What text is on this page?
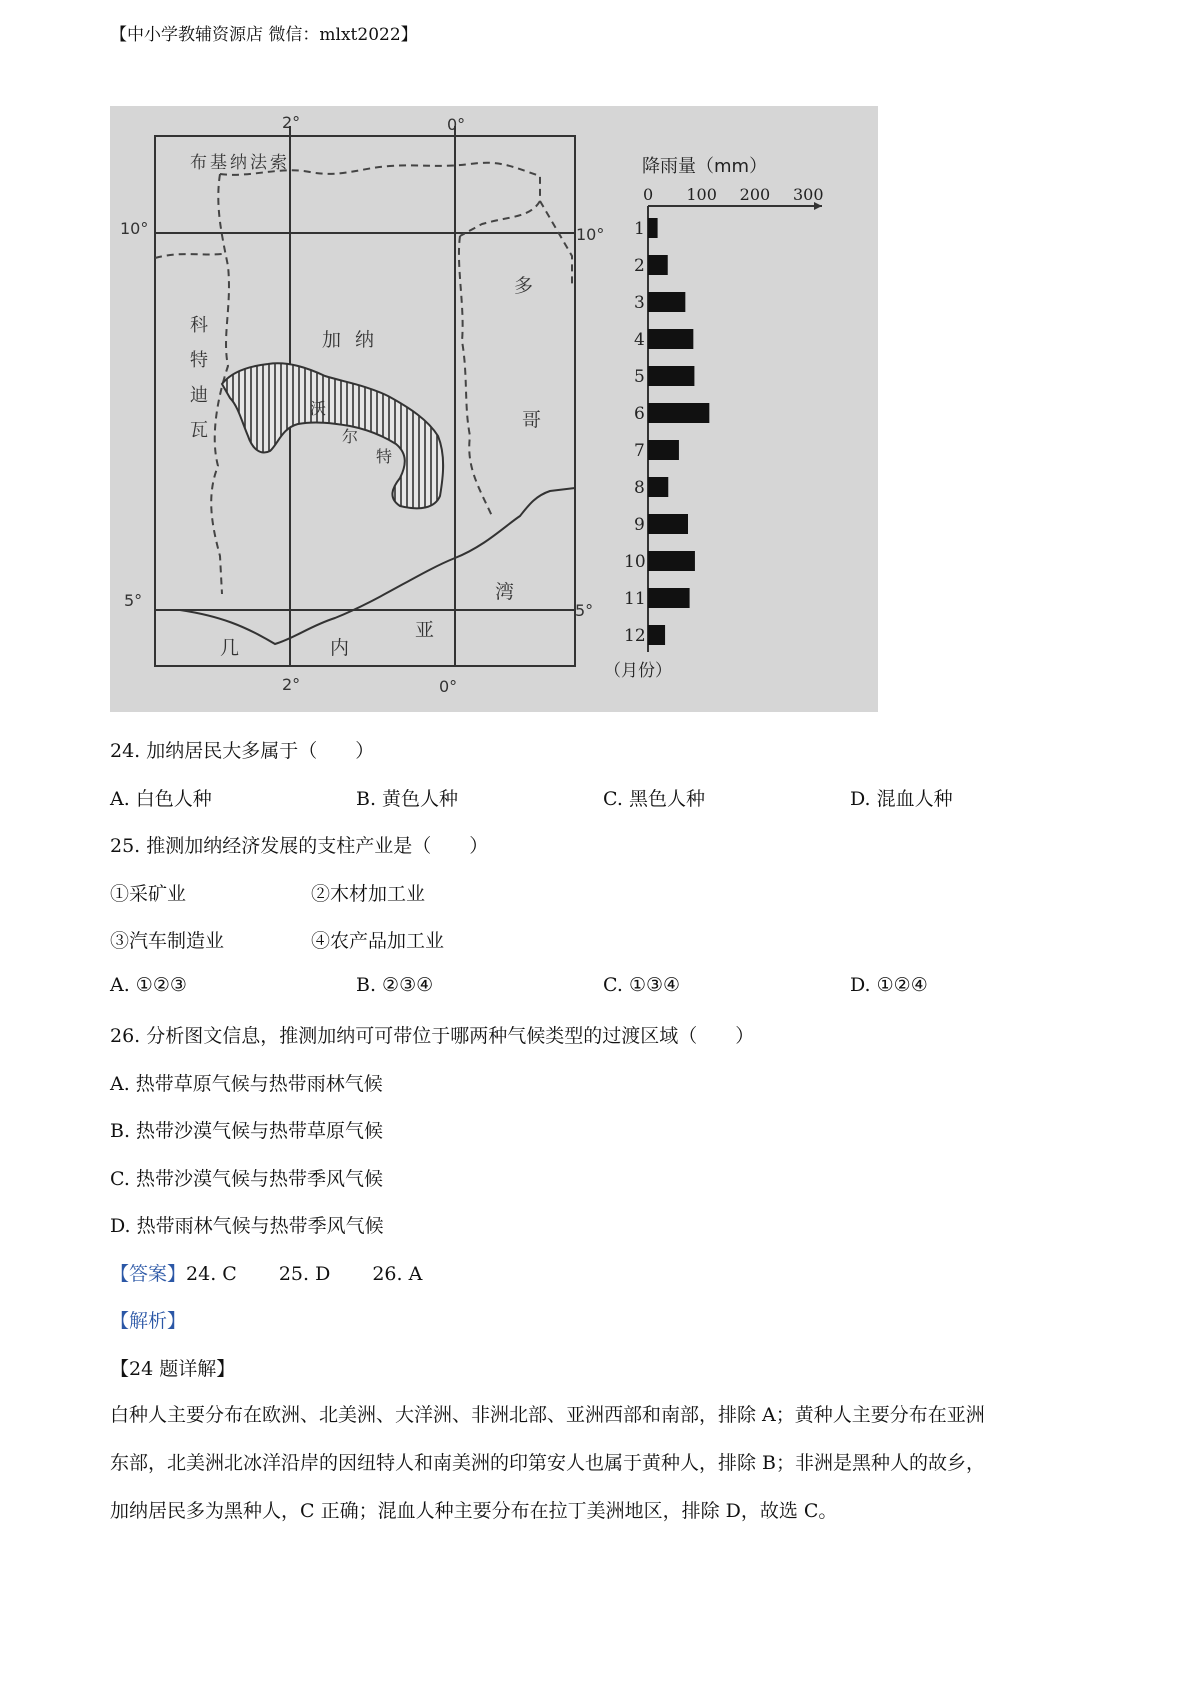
【中小学教辅资源店 微信：mlxt2022】
2°	0°
2°	0°
10°
5°
10°
5°
布基纳法索
科
特
迪
瓦
加纳
多
哥
沃
尔
特
几	内
亚
湾
降雨量（mm）
0 100 200 300
1
2
3
4
5
6
7
8
9
10
11
12
（月份）
24. 加纳居民大多属于（　　）
A. 白色人种	B. 黄色人种	C. 黑色人种	D. 混血人种
25. 推测加纳经济发展的支柱产业是（　　）
①采矿业	②木材加工业
③汽车制造业	④农产品加工业
A. ①②③	B. ②③④	C. ①③④	D. ①②④
26. 分析图文信息，推测加纳可可带位于哪两种气候类型的过渡区域（　　）
A. 热带草原气候与热带雨林气候
B. 热带沙漠气候与热带草原气候
C. 热带沙漠气候与热带季风气候
D. 热带雨林气候与热带季风气候
【答案】24. C 25. D 26. A
【解析】
【24 题详解】
白种人主要分布在欧洲、北美洲、大洋洲、非洲北部、亚洲西部和南部，排除 A；黄种人主要分布在亚洲
东部，北美洲北冰洋沿岸的因纽特人和南美洲的印第安人也属于黄种人，排除 B；非洲是黑种人的故乡，
加纳居民多为黑种人，C 正确；混血人种主要分布在拉丁美洲地区，排除 D，故选 C。
